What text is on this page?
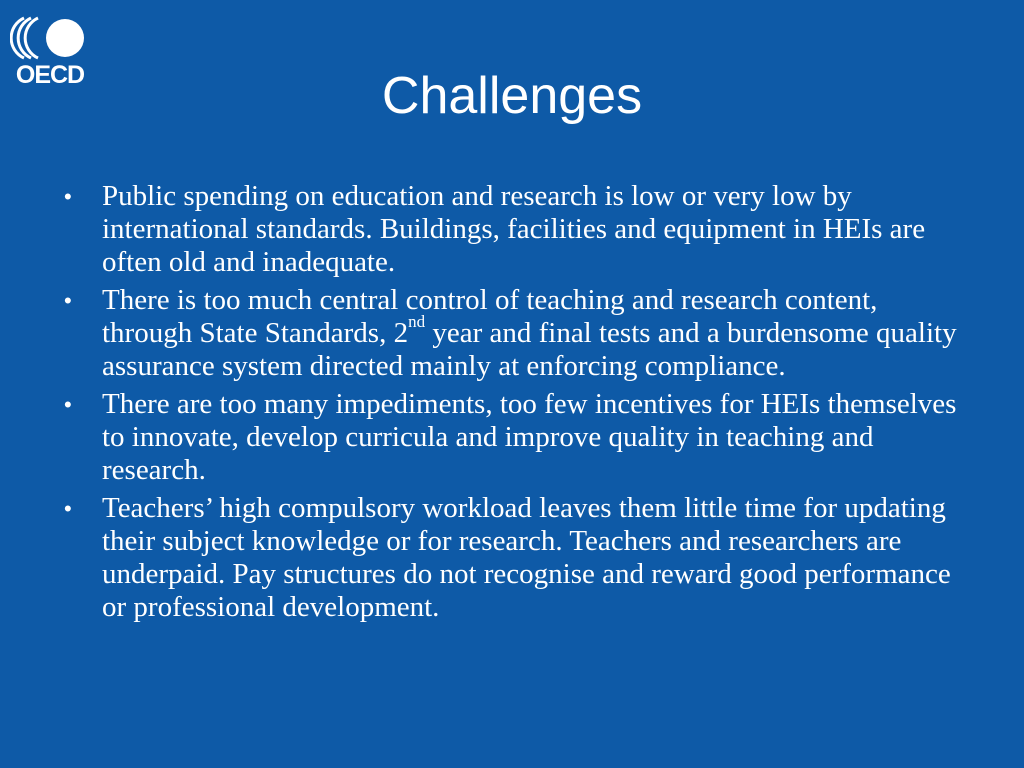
OECD	Challenges
• Public spending on education and research is low or very low by international standards. Buildings, facilities and equipment in HEIs are often old and inadequate.
• There is too much central control of teaching and research content, through State Standards, 2nd year and final tests and a burdensome quality assurance system directed mainly at enforcing compliance.
• There are too many impediments, too few incentives for HEIs themselves to innovate, develop curricula and improve quality in teaching and research.
• Teachers’ high compulsory workload leaves them little time for updating their subject knowledge or for research. Teachers and researchers are underpaid. Pay structures do not recognise and reward good performance or professional development.
